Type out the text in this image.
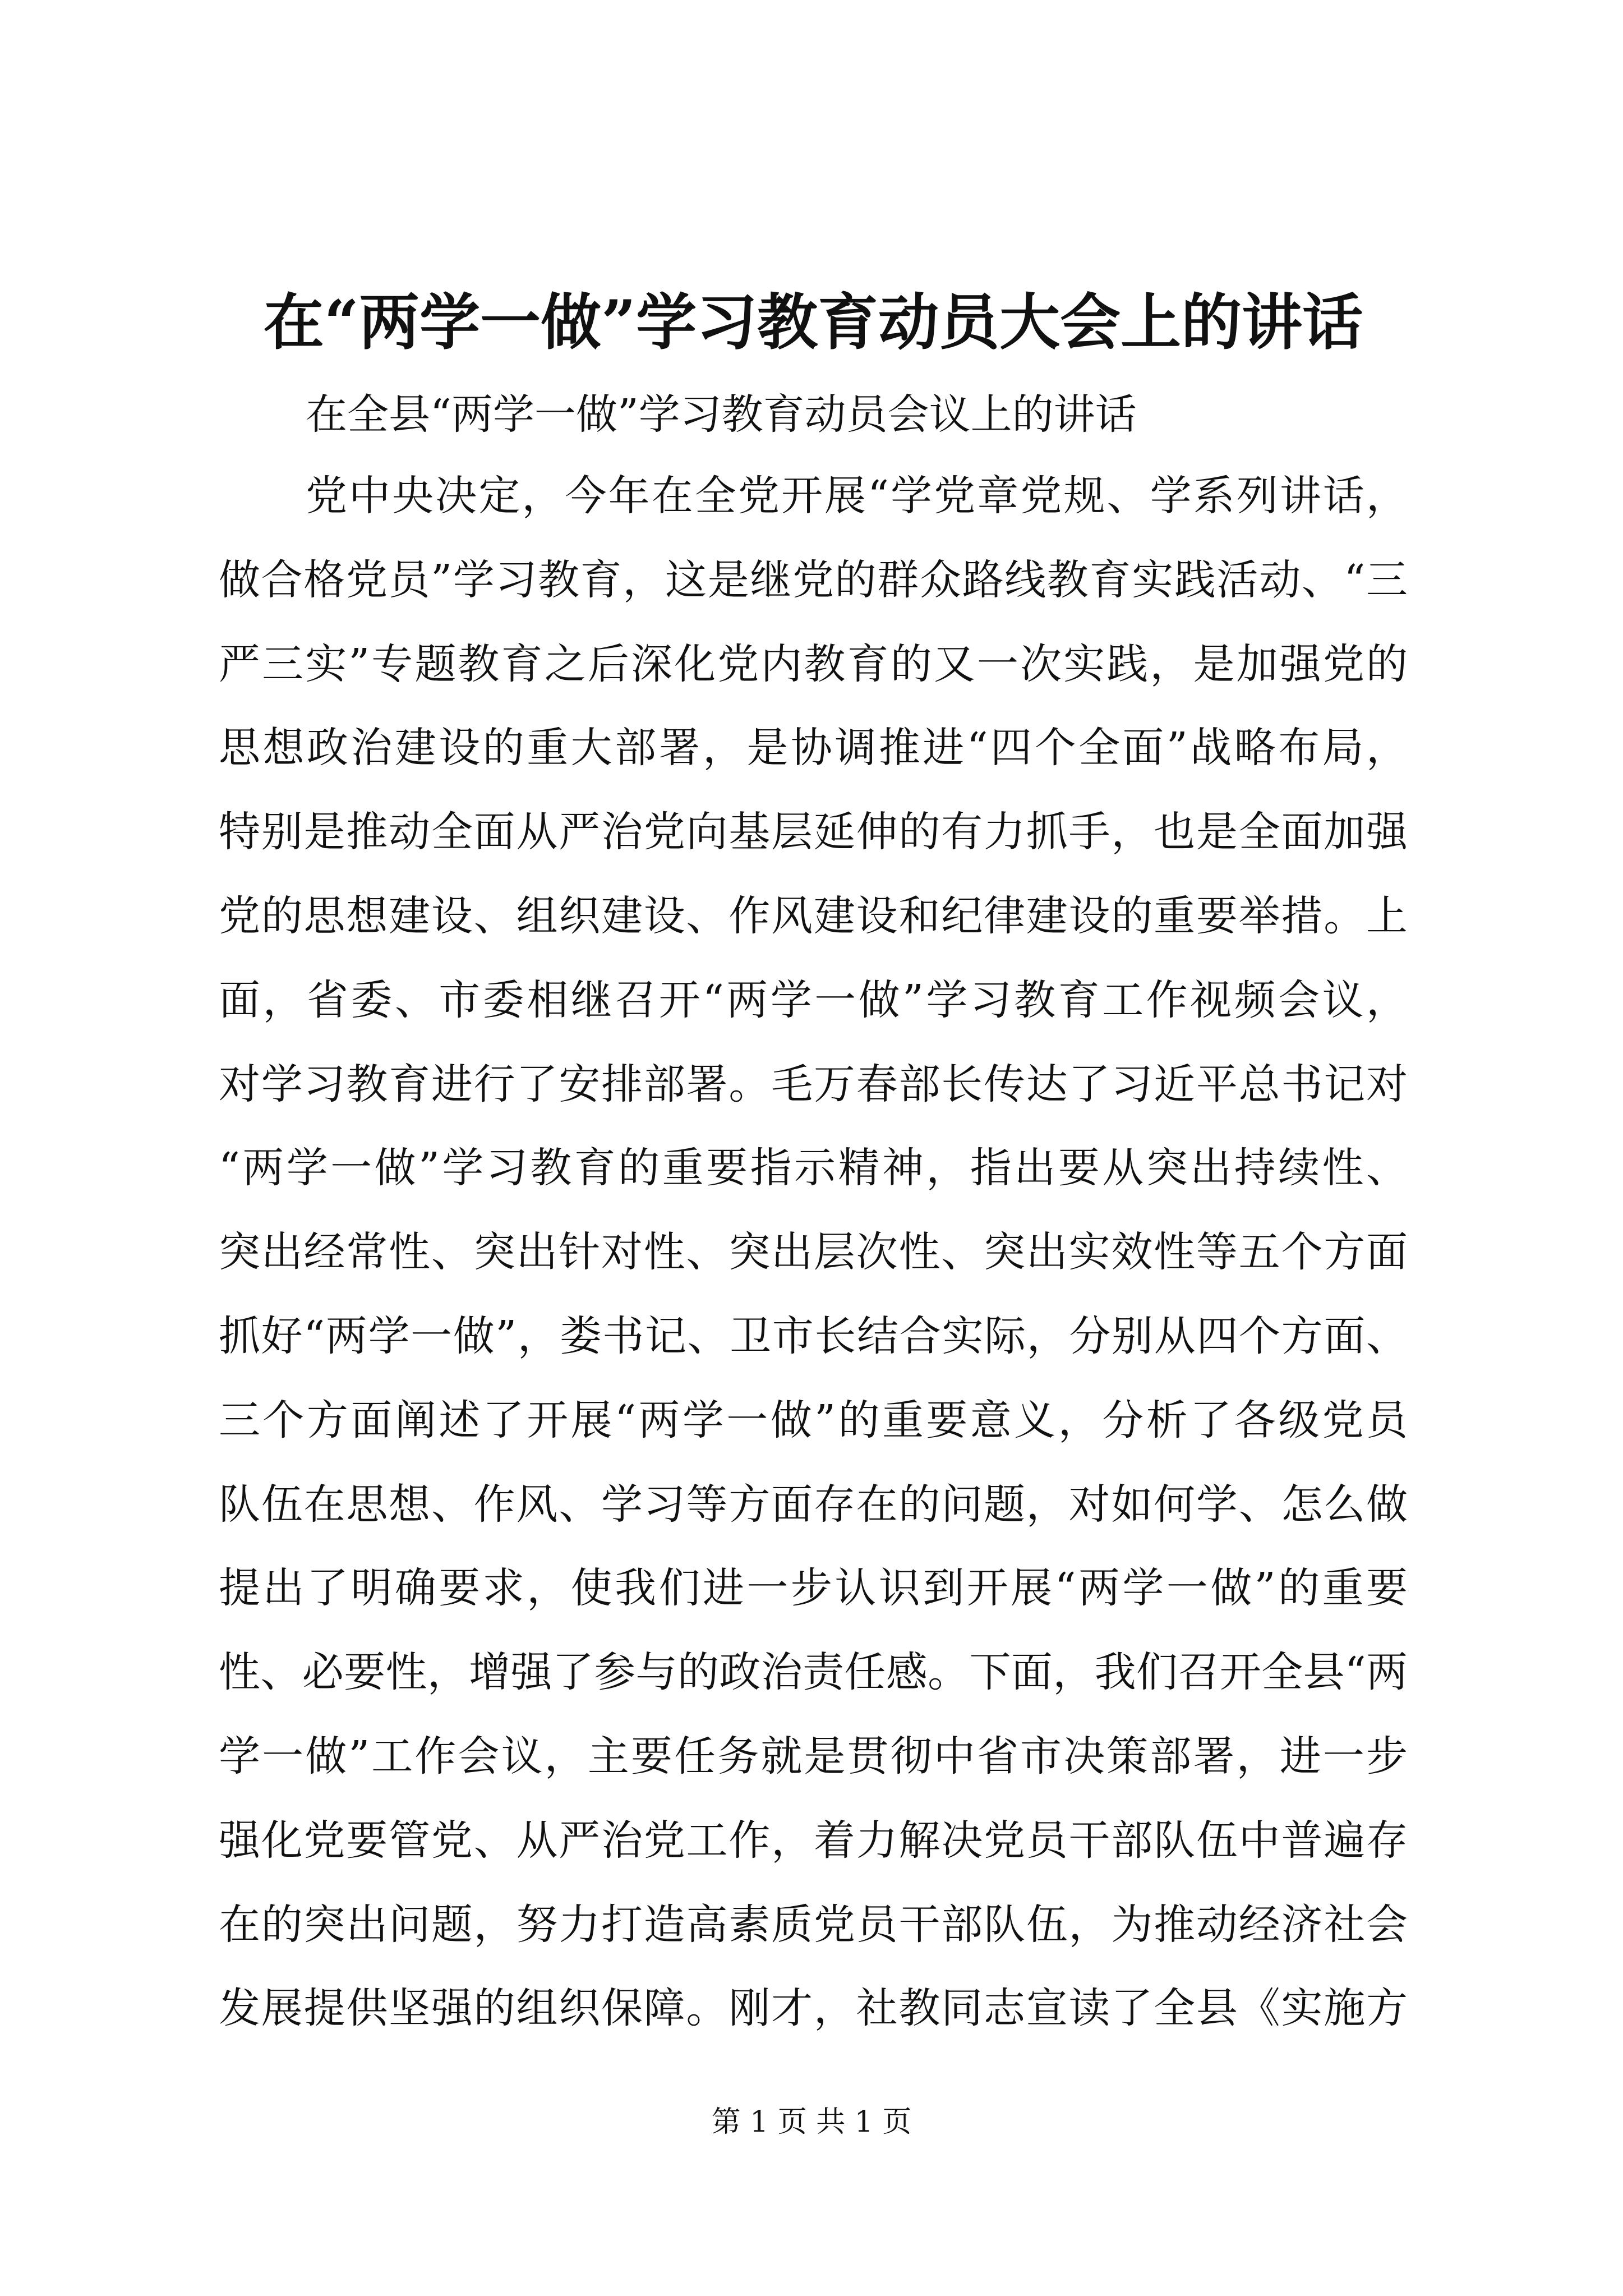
在“两学一做”学习教育动员大会上的讲话
在全县“两学一做”学习教育动员会议上的讲话
党中央决定，今年在全党开展“学党章党规、学系列讲话，
做合格党员”学习教育，这是继党的群众路线教育实践活动、“三
严三实”专题教育之后深化党内教育的又一次实践，是加强党的
思想政治建设的重大部署，是协调推进“四个全面”战略布局，
特别是推动全面从严治党向基层延伸的有力抓手，也是全面加强
党的思想建设、组织建设、作风建设和纪律建设的重要举措。上
面，省委、市委相继召开“两学一做”学习教育工作视频会议，
对学习教育进行了安排部署。毛万春部长传达了习近平总书记对
“两学一做”学习教育的重要指示精神，指出要从突出持续性、
突出经常性、突出针对性、突出层次性、突出实效性等五个方面
抓好“两学一做”，娄书记、卫市长结合实际，分别从四个方面、
三个方面阐述了开展“两学一做”的重要意义，分析了各级党员
队伍在思想、作风、学习等方面存在的问题，对如何学、怎么做
提出了明确要求，使我们进一步认识到开展“两学一做”的重要
性、必要性，增强了参与的政治责任感。下面，我们召开全县“两
学一做”工作会议，主要任务就是贯彻中省市决策部署，进一步
强化党要管党、从严治党工作，着力解决党员干部队伍中普遍存
在的突出问题，努力打造高素质党员干部队伍，为推动经济社会
发展提供坚强的组织保障。刚才，社教同志宣读了全县《实施方
第 1 页 共 1 页
